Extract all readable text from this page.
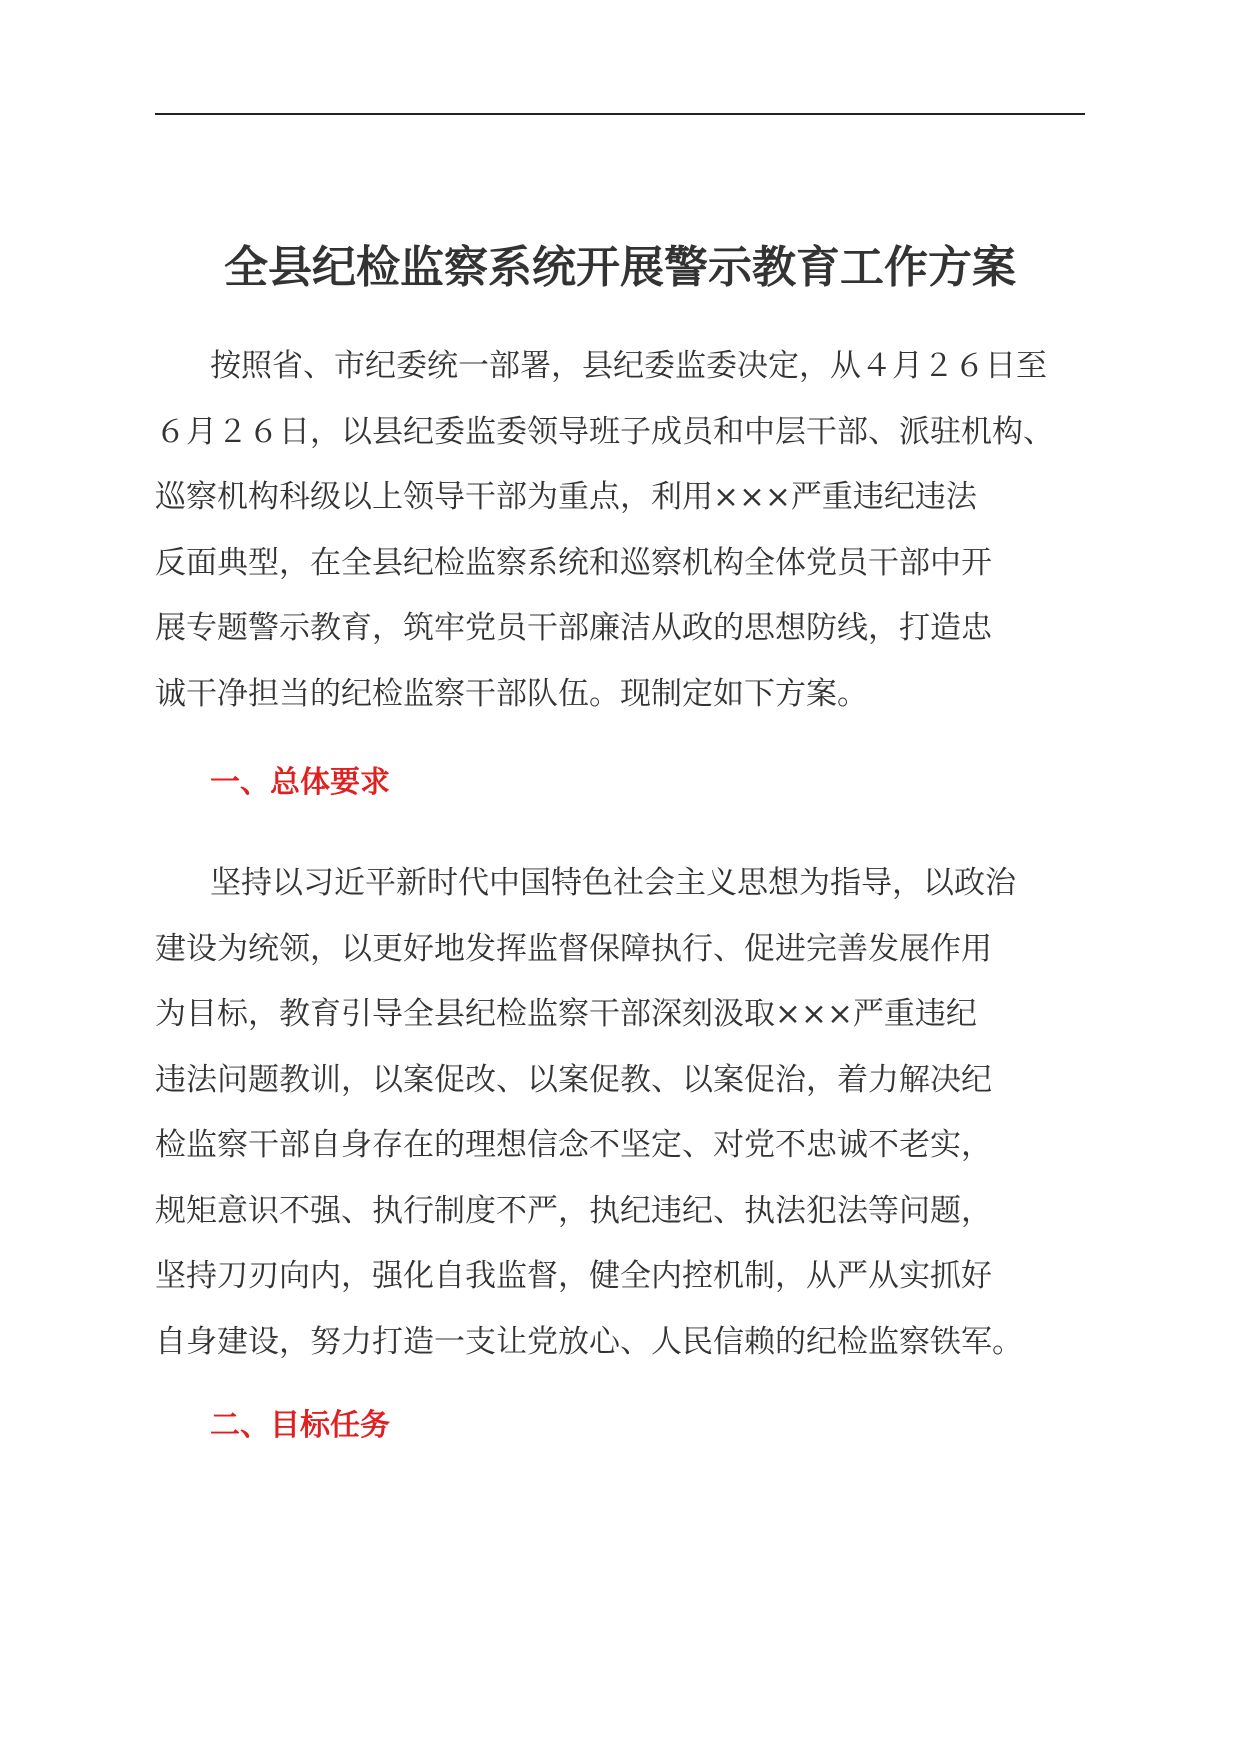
全县纪检监察系统开展警示教育工作方案
按照省、市纪委统一部署，县纪委监委决定，从４月２６日至
６月２６日，以县纪委监委领导班子成员和中层干部、派驻机构、
巡察机构科级以上领导干部为重点，利用×××严重违纪违法
反面典型，在全县纪检监察系统和巡察机构全体党员干部中开
展专题警示教育，筑牢党员干部廉洁从政的思想防线，打造忠
诚干净担当的纪检监察干部队伍。现制定如下方案。
一、总体要求
坚持以习近平新时代中国特色社会主义思想为指导，以政治
建设为统领，以更好地发挥监督保障执行、促进完善发展作用
为目标，教育引导全县纪检监察干部深刻汲取×××严重违纪
违法问题教训，以案促改、以案促教、以案促治，着力解决纪
检监察干部自身存在的理想信念不坚定、对党不忠诚不老实，
规矩意识不强、执行制度不严，执纪违纪、执法犯法等问题，
坚持刀刃向内，强化自我监督，健全内控机制，从严从实抓好
自身建设，努力打造一支让党放心、人民信赖的纪检监察铁军。
二、目标任务
